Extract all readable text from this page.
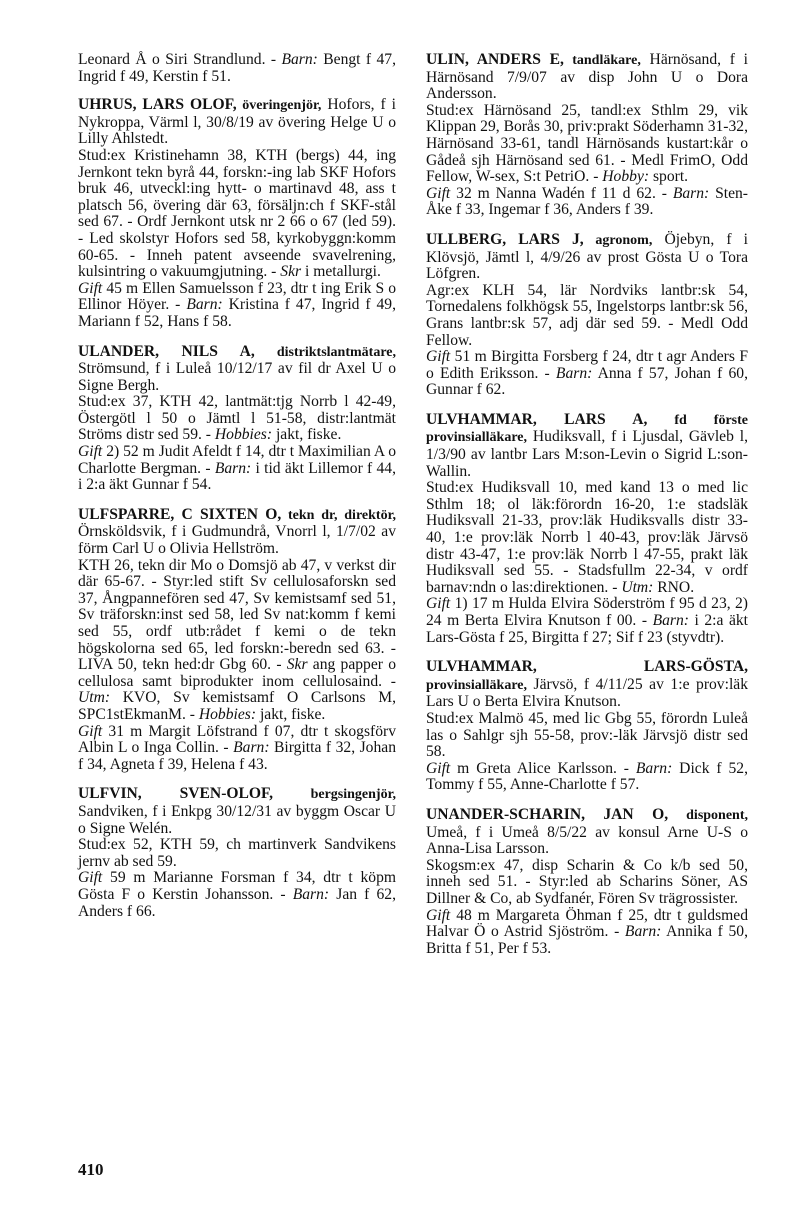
Leonard Å o Siri Strandlund. - Barn: Bengt f 47, Ingrid f 49, Kerstin f 51.
UHRUS, LARS OLOF, överingenjör, Hofors, f i Nykroppa, Värml l, 30/8/19 av övering Helge U o Lilly Ahlstedt.
Stud:ex Kristinehamn 38, KTH (bergs) 44, ing Jernkont tekn byrå 44, forskn:-ing lab SKF Hofors bruk 46, utveckl:ing hytt- o martinavd 48, ass t platsch 56, övering där 63, försäljn:ch f SKF-stål sed 67. - Ordf Jernkont utsk nr 2 66 o 67 (led 59). - Led skolstyr Hofors sed 58, kyrkobyggn:komm 60-65. - Inneh patent avseende svavelrening, kulsintring o vakuumgjutning. - Skr i metallurgi.
Gift 45 m Ellen Samuelsson f 23, dtr t ing Erik S o Ellinor Höyer. - Barn: Kristina f 47, Ingrid f 49, Mariann f 52, Hans f 58.
ULANDER, NILS A, distriktslantmätare, Strömsund, f i Luleå 10/12/17 av fil dr Axel U o Signe Bergh.
Stud:ex 37, KTH 42, lantmät:tjg Norrb l 42-49, Östergötl l 50 o Jämtl l 51-58, distr:lantmät Ströms distr sed 59. - Hobbies: jakt, fiske.
Gift 2) 52 m Judit Afeldt f 14, dtr t Maximilian A o Charlotte Bergman. - Barn: i tid äkt Lillemor f 44, i 2:a äkt Gunnar f 54.
ULFSPARRE, C SIXTEN O, tekn dr, direktör, Örnsköldsvik, f i Gudmundrå, Vnorrl l, 1/7/02 av förm Carl U o Olivia Hellström.
KTH 26, tekn dir Mo o Domsjö ab 47, v verkst dir där 65-67. - Styr:led stift Sv cellulosaforskn sed 37, Ångpannefören sed 47, Sv kemistsamf sed 51, Sv träforskn:inst sed 58, led Sv nat:komm f kemi sed 55, ordf utb:rådet f kemi o de tekn högskolorna sed 65, led forskn:-beredn sed 63. - LIVA 50, tekn hed:dr Gbg 60. - Skr ang papper o cellulosa samt biprodukter inom cellulosaind. - Utm: KVO, Sv kemistsamf O Carlsons M, SPC1stEkmanM. - Hobbies: jakt, fiske.
Gift 31 m Margit Löfstrand f 07, dtr t skogsförv Albin L o Inga Collin. - Barn: Birgitta f 32, Johan f 34, Agneta f 39, Helena f 43.
ULFVIN, SVEN-OLOF, bergsingenjör, Sandviken, f i Enkpg 30/12/31 av byggm Oscar U o Signe Welén.
Stud:ex 52, KTH 59, ch martinverk Sandvikens jernv ab sed 59.
Gift 59 m Marianne Forsman f 34, dtr t köpm Gösta F o Kerstin Johansson. - Barn: Jan f 62, Anders f 66.
ULIN, ANDERS E, tandläkare, Härnösand, f i Härnösand 7/9/07 av disp John U o Dora Andersson.
Stud:ex Härnösand 25, tandl:ex Sthlm 29, vik Klippan 29, Borås 30, priv:prakt Söderhamn 31-32, Härnösand 33-61, tandl Härnösands kustart:kår o Gådeå sjh Härnösand sed 61. - Medl FrimO, Odd Fellow, W-sex, S:t PetriO. - Hobby: sport.
Gift 32 m Nanna Wadén f 11 d 62. - Barn: Sten-Åke f 33, Ingemar f 36, Anders f 39.
ULLBERG, LARS J, agronom, Öjebyn, f i Klövsjö, Jämtl l, 4/9/26 av prost Gösta U o Tora Löfgren.
Agr:ex KLH 54, lär Nordviks lantbr:sk 54, Tornedalens folkhögsk 55, Ingelstorps lantbr:sk 56, Grans lantbr:sk 57, adj där sed 59. - Medl Odd Fellow.
Gift 51 m Birgitta Forsberg f 24, dtr t agr Anders F o Edith Eriksson. - Barn: Anna f 57, Johan f 60, Gunnar f 62.
ULVHAMMAR, LARS A, fd förste provinsialläkare, Hudiksvall, f i Ljusdal, Gävleb l, 1/3/90 av lantbr Lars M:son-Levin o Sigrid L:son-Wallin.
Stud:ex Hudiksvall 10, med kand 13 o med lic Sthlm 18; ol läk:förordn 16-20, 1:e stadsläk Hudiksvall 21-33, prov:läk Hudiksvalls distr 33-40, 1:e prov:läk Norrb l 40-43, prov:läk Järvsö distr 43-47, 1:e prov:läk Norrb l 47-55, prakt läk Hudiksvall sed 55. - Stadsfullm 22-34, v ordf barnav:ndn o las:direktionen. - Utm: RNO.
Gift 1) 17 m Hulda Elvira Söderström f 95 d 23, 2) 24 m Berta Elvira Knutson f 00. - Barn: i 2:a äkt Lars-Gösta f 25, Birgitta f 27; Sif f 23 (styvdtr).
ULVHAMMAR, LARS-GÖSTA, provinsialläkare, Järvsö, f 4/11/25 av 1:e prov:läk Lars U o Berta Elvira Knutson.
Stud:ex Malmö 45, med lic Gbg 55, förordn Luleå las o Sahlgr sjh 55-58, prov:-läk Järvsjö distr sed 58.
Gift m Greta Alice Karlsson. - Barn: Dick f 52, Tommy f 55, Anne-Charlotte f 57.
UNANDER-SCHARIN, JAN O, disponent, Umeå, f i Umeå 8/5/22 av konsul Arne U-S o Anna-Lisa Larsson.
Skogsm:ex 47, disp Scharin & Co k/b sed 50, inneh sed 51. - Styr:led ab Scharins Söner, AS Dillner & Co, ab Sydfanér, Fören Sv trägrossister.
Gift 48 m Margareta Öhman f 25, dtr t guldsmed Halvar Ö o Astrid Sjöström. - Barn: Annika f 50, Britta f 51, Per f 53.
410
